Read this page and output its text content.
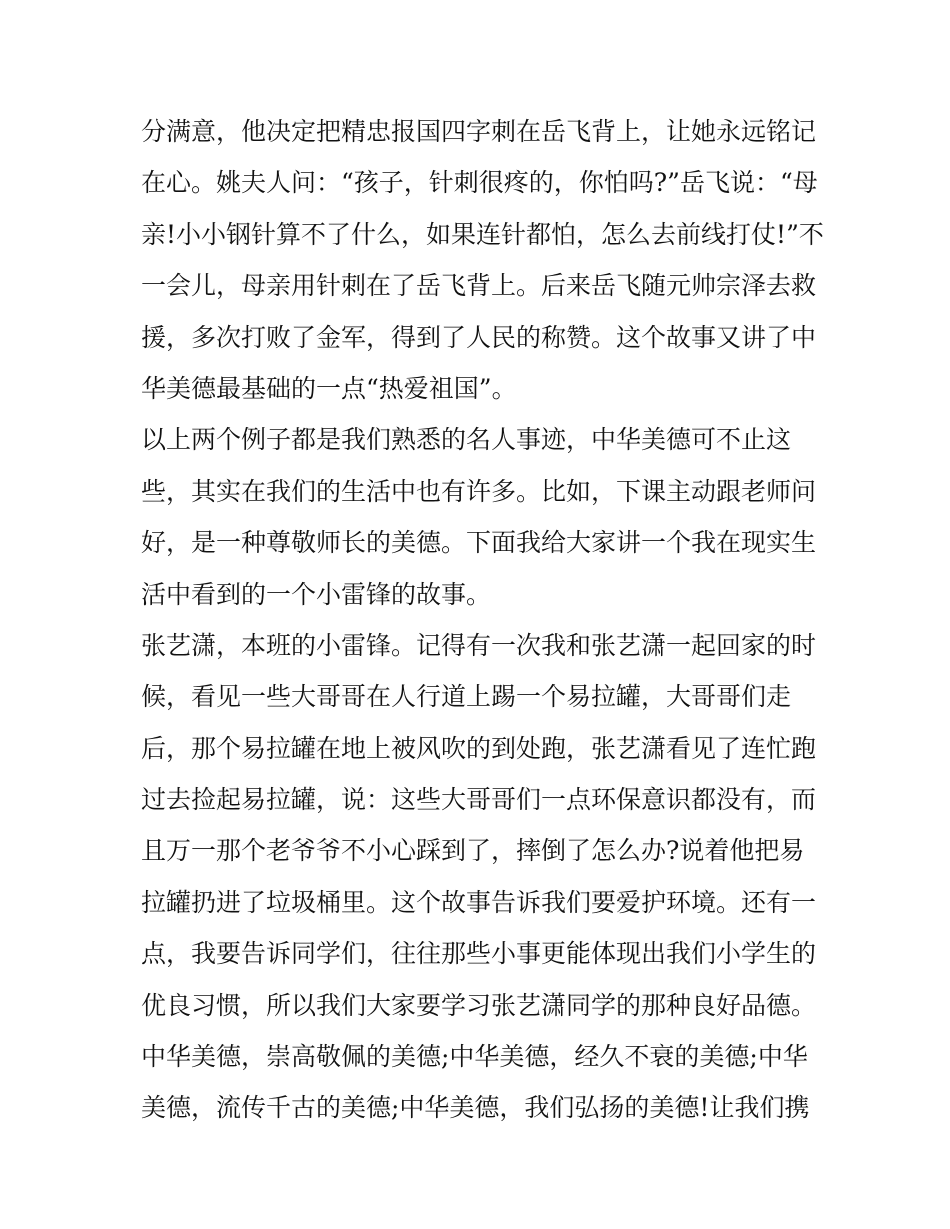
分满意，他决定把精忠报国四字刺在岳飞背上，让她永远铭记
在心。姚夫人问：“孩子，针刺很疼的，你怕吗?”岳飞说：“母
亲!小小钢针算不了什么，如果连针都怕，怎么去前线打仗!”不
一会儿，母亲用针刺在了岳飞背上。后来岳飞随元帅宗泽去救
援，多次打败了金军，得到了人民的称赞。这个故事又讲了中
华美德最基础的一点“热爱祖国”。
以上两个例子都是我们熟悉的名人事迹，中华美德可不止这
些，其实在我们的生活中也有许多。比如，下课主动跟老师问
好，是一种尊敬师长的美德。下面我给大家讲一个我在现实生
活中看到的一个小雷锋的故事。
张艺潇，本班的小雷锋。记得有一次我和张艺潇一起回家的时
候，看见一些大哥哥在人行道上踢一个易拉罐，大哥哥们走
后，那个易拉罐在地上被风吹的到处跑，张艺潇看见了连忙跑
过去捡起易拉罐，说：这些大哥哥们一点环保意识都没有，而
且万一那个老爷爷不小心踩到了，摔倒了怎么办?说着他把易
拉罐扔进了垃圾桶里。这个故事告诉我们要爱护环境。还有一
点，我要告诉同学们，往往那些小事更能体现出我们小学生的
优良习惯，所以我们大家要学习张艺潇同学的那种良好品德。
中华美德，崇高敬佩的美德;中华美德，经久不衰的美德;中华
美德，流传千古的美德;中华美德，我们弘扬的美德!让我们携
